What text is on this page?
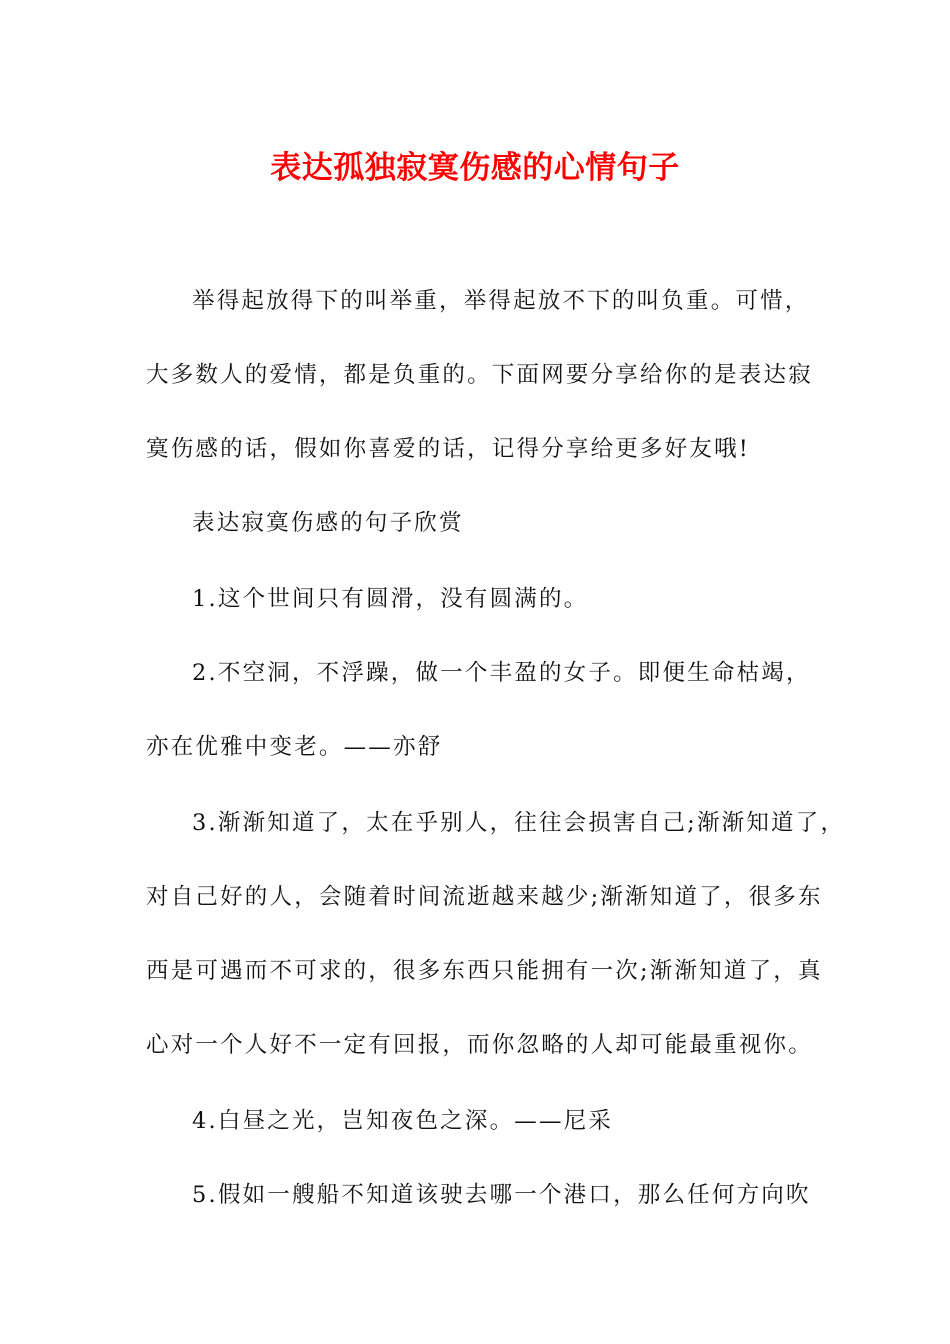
表达孤独寂寞伤感的心情句子
举得起放得下的叫举重，举得起放不下的叫负重。可惜，
大多数人的爱情，都是负重的。下面网要分享给你的是表达寂
寞伤感的话，假如你喜爱的话，记得分享给更多好友哦!
表达寂寞伤感的句子欣赏
1.这个世间只有圆滑，没有圆满的。
2.不空洞，不浮躁，做一个丰盈的女子。即便生命枯竭，
亦在优雅中变老。——亦舒
3.渐渐知道了，太在乎别人，往往会损害自己;渐渐知道了，
对自己好的人，会随着时间流逝越来越少;渐渐知道了，很多东
西是可遇而不可求的，很多东西只能拥有一次;渐渐知道了，真
心对一个人好不一定有回报，而你忽略的人却可能最重视你。
4.白昼之光，岂知夜色之深。——尼采
5.假如一艘船不知道该驶去哪一个港口，那么任何方向吹
